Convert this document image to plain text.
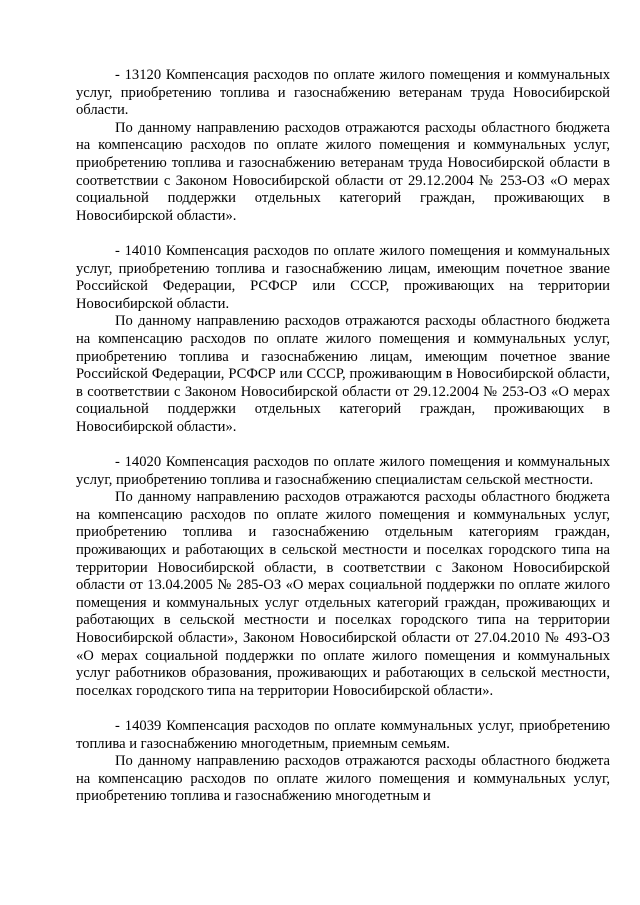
- 13120 Компенсация расходов по оплате жилого помещения и коммунальных услуг, приобретению топлива и газоснабжению ветеранам труда Новосибирской области.

По данному направлению расходов отражаются расходы областного бюджета на компенсацию расходов по оплате жилого помещения и коммунальных услуг, приобретению топлива и газоснабжению ветеранам труда Новосибирской области в соответствии с Законом Новосибирской области от 29.12.2004 № 253-ОЗ «О мерах социальной поддержки отдельных категорий граждан, проживающих в Новосибирской области».

- 14010 Компенсация расходов по оплате жилого помещения и коммунальных услуг, приобретению топлива и газоснабжению лицам, имеющим почетное звание Российской Федерации, РСФСР или СССР, проживающих на территории Новосибирской области.

По данному направлению расходов отражаются расходы областного бюджета на компенсацию расходов по оплате жилого помещения и коммунальных услуг, приобретению топлива и газоснабжению лицам, имеющим почетное звание Российской Федерации, РСФСР или СССР, проживающим в Новосибирской области, в соответствии с Законом Новосибирской области от 29.12.2004 № 253-ОЗ «О мерах социальной поддержки отдельных категорий граждан, проживающих в Новосибирской области».

- 14020 Компенсация расходов по оплате жилого помещения и коммунальных услуг, приобретению топлива и газоснабжению специалистам сельской местности.

По данному направлению расходов отражаются расходы областного бюджета на компенсацию расходов по оплате жилого помещения и коммунальных услуг, приобретению топлива и газоснабжению отдельным категориям граждан, проживающих и работающих в сельской местности и поселках городского типа на территории Новосибирской области, в соответствии с Законом Новосибирской области от 13.04.2005 № 285-ОЗ «О мерах социальной поддержки по оплате жилого помещения и коммунальных услуг отдельных категорий граждан, проживающих и работающих в сельской местности и поселках городского типа на территории Новосибирской области», Законом Новосибирской области от 27.04.2010 № 493-ОЗ «О мерах социальной поддержки по оплате жилого помещения и коммунальных услуг работников образования, проживающих и работающих в сельской местности, поселках городского типа на территории Новосибирской области».

- 14039 Компенсация расходов по оплате коммунальных услуг, приобретению топлива и газоснабжению многодетным, приемным семьям.

По данному направлению расходов отражаются расходы областного бюджета на компенсацию расходов по оплате жилого помещения и коммунальных услуг, приобретению топлива и газоснабжению многодетным и
